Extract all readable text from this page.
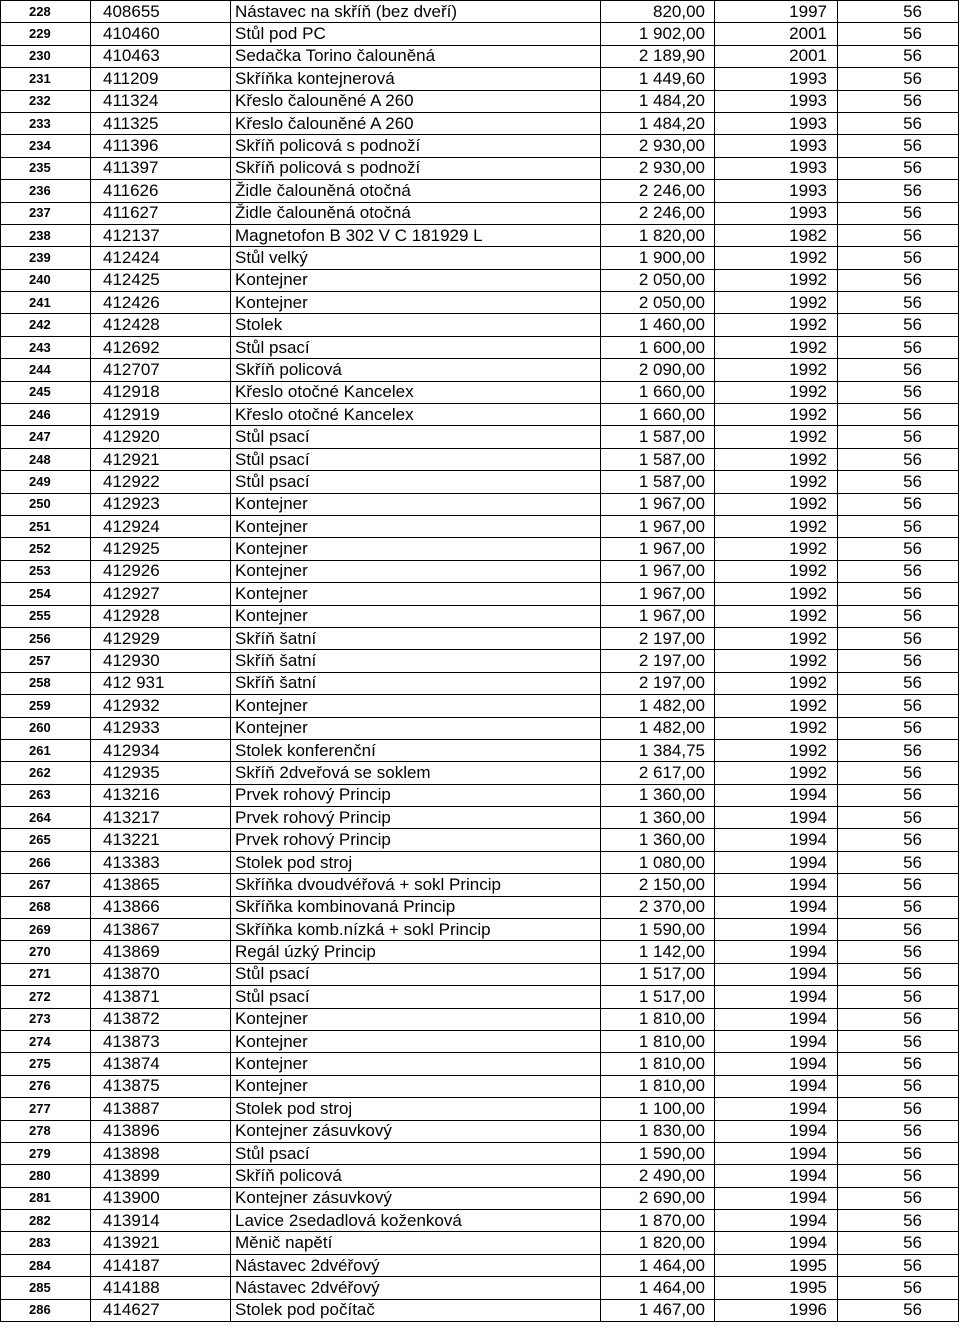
228	408655	Nástavec na skříň (bez dveří)	820,00	1997	56
229	410460	Stůl pod PC	1 902,00	2001	56
230	410463	Sedačka Torino čalouněná	2 189,90	2001	56
231	411209	Skříňka kontejnerová	1 449,60	1993	56
232	411324	Křeslo čalouněné A 260	1 484,20	1993	56
233	411325	Křeslo čalouněné A 260	1 484,20	1993	56
234	411396	Skříň policová s podnoží	2 930,00	1993	56
235	411397	Skříň policová s podnoží	2 930,00	1993	56
236	411626	Židle čalouněná otočná	2 246,00	1993	56
237	411627	Židle čalouněná otočná	2 246,00	1993	56
238	412137	Magnetofon B 302 V C 181929 L	1 820,00	1982	56
239	412424	Stůl velký	1 900,00	1992	56
240	412425	Kontejner	2 050,00	1992	56
241	412426	Kontejner	2 050,00	1992	56
242	412428	Stolek	1 460,00	1992	56
243	412692	Stůl psací	1 600,00	1992	56
244	412707	Skříň policová	2 090,00	1992	56
245	412918	Křeslo otočné Kancelex	1 660,00	1992	56
246	412919	Křeslo otočné Kancelex	1 660,00	1992	56
247	412920	Stůl psací	1 587,00	1992	56
248	412921	Stůl psací	1 587,00	1992	56
249	412922	Stůl psací	1 587,00	1992	56
250	412923	Kontejner	1 967,00	1992	56
251	412924	Kontejner	1 967,00	1992	56
252	412925	Kontejner	1 967,00	1992	56
253	412926	Kontejner	1 967,00	1992	56
254	412927	Kontejner	1 967,00	1992	56
255	412928	Kontejner	1 967,00	1992	56
256	412929	Skříň šatní	2 197,00	1992	56
257	412930	Skříň šatní	2 197,00	1992	56
258	412 931	Skříň šatní	2 197,00	1992	56
259	412932	Kontejner	1 482,00	1992	56
260	412933	Kontejner	1 482,00	1992	56
261	412934	Stolek konferenční	1 384,75	1992	56
262	412935	Skříň 2dveřová se soklem	2 617,00	1992	56
263	413216	Prvek rohový Princip	1 360,00	1994	56
264	413217	Prvek rohový Princip	1 360,00	1994	56
265	413221	Prvek rohový Princip	1 360,00	1994	56
266	413383	Stolek pod stroj	1 080,00	1994	56
267	413865	Skříňka dvoudvéřová + sokl Princip	2 150,00	1994	56
268	413866	Skříňka kombinovaná Princip	2 370,00	1994	56
269	413867	Skříňka komb.nízká + sokl Princip	1 590,00	1994	56
270	413869	Regál úzký Princip	1 142,00	1994	56
271	413870	Stůl psací	1 517,00	1994	56
272	413871	Stůl psací	1 517,00	1994	56
273	413872	Kontejner	1 810,00	1994	56
274	413873	Kontejner	1 810,00	1994	56
275	413874	Kontejner	1 810,00	1994	56
276	413875	Kontejner	1 810,00	1994	56
277	413887	Stolek pod stroj	1 100,00	1994	56
278	413896	Kontejner zásuvkový	1 830,00	1994	56
279	413898	Stůl psací	1 590,00	1994	56
280	413899	Skříň policová	2 490,00	1994	56
281	413900	Kontejner zásuvkový	2 690,00	1994	56
282	413914	Lavice 2sedadlová koženková	1 870,00	1994	56
283	413921	Měnič napětí	1 820,00	1994	56
284	414187	Nástavec 2dvéřový	1 464,00	1995	56
285	414188	Nástavec 2dvéřový	1 464,00	1995	56
286	414627	Stolek pod počítač	1 467,00	1996	56
